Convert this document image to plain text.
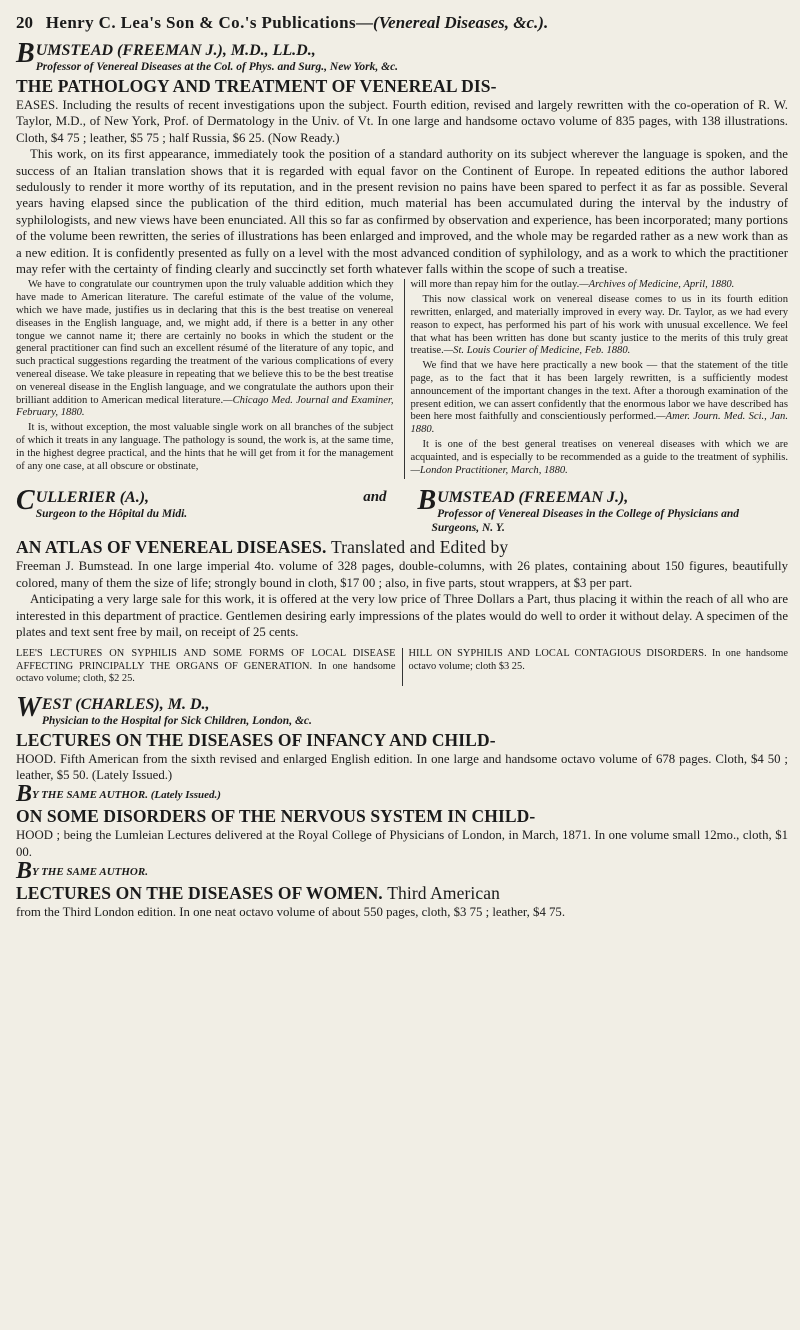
20 Henry C. Lea's Son & Co.'s Publications—(Venereal Diseases, &c.).
B UMSTEAD (FREEMAN J.), M.D., LL.D.,
Professor of Venereal Diseases at the Col. of Phys. and Surg., New York, &c.
THE PATHOLOGY AND TREATMENT OF VENEREAL DIS-
EASES. Including the results of recent investigations upon the subject. Fourth edition, revised and largely rewritten with the co-operation of R. W. Taylor, M.D., of New York, Prof. of Dermatology in the Univ. of Vt. In one large and handsome octavo volume of 835 pages, with 138 illustrations. Cloth, $4 75 ; leather, $5 75 ; half Russia, $6 25. (Now Ready.)
This work, on its first appearance, immediately took the position of a standard authority on its subject wherever the language is spoken, and the success of an Italian translation shows that it is regarded with equal favor on the Continent of Europe. In repeated editions the author labored sedulously to render it more worthy of its reputation, and in the present revision no pains have been spared to perfect it as far as possible. Several years having elapsed since the publication of the third edition, much material has been accumulated during the interval by the industry of syphilologists, and new views have been enunciated. All this so far as confirmed by observation and experience, has been incorporated; many portions of the volume been rewritten, the series of illustrations has been enlarged and improved, and the whole may be regarded rather as a new work than as a new edition. It is confidently presented as fully on a level with the most advanced condition of syphilology, and as a work to which the practitioner may refer with the certainty of finding clearly and succinctly set forth whatever falls within the scope of such a treatise.

We have to congratulate our countrymen upon the truly valuable addition which they have made to American literature. The careful estimate of the value of the volume, which we have made, justifies us in declaring that this is the best treatise on venereal diseases in the English language, and, we might add, if there is a better in any other tongue we cannot name it; there are certainly no books in which the student or the general practitioner can find such an excellent résumé of the literature of any topic, and such practical suggestions regarding the treatment of the various complications of every venereal disease. We take pleasure in repeating that we believe this to be the best treatise on venereal disease in the English language, and we congratulate the authors upon their brilliant addition to American medical literature.—Chicago Med. Journal and Examiner, February, 1880.

It is, without exception, the most valuable single work on all branches of the subject of which it treats in any language. The pathology is sound, the work is, at the same time, in the highest degree practical, and the hints that he will get from it for the management of any one case, at all obscure or obstinate,

will more than repay him for the outlay.—Archives of Medicine, April, 1880.

This now classical work on venereal disease comes to us in its fourth edition rewritten, enlarged, and materially improved in every way. Dr. Taylor, as we had every reason to expect, has performed his part of his work with unusual excellence. We feel that what has been written has done but scanty justice to the merits of this truly great treatise.—St. Louis Courier of Medicine, Feb. 1880.

We find that we have here practically a new book — that the statement of the title page, as to the fact that it has been largely rewritten, is a sufficiently modest announcement of the important changes in the text. After a thorough examination of the present edition, we can assert confidently that the enormous labor we have described has been here most faithfully and conscientiously performed.—Amer. Journ. Med. Sci., Jan. 1880.

It is one of the best general treatises on venereal diseases with which we are acquainted, and is especially to be recommended as a guide to the treatment of syphilis.—London Practitioner, March, 1880.

C ULLERIER (A.),	and
Surgeon to the Hôpital du Midi.	B UMSTEAD (FREEMAN J.),
Professor of Venereal Diseases in the College of Physicians and Surgeons, N. Y.
AN ATLAS OF VENEREAL DISEASES. Translated and Edited by
Freeman J. Bumstead. In one large imperial 4to. volume of 328 pages, double-columns, with 26 plates, containing about 150 figures, beautifully colored, many of them the size of life; strongly bound in cloth, $17 00 ; also, in five parts, stout wrappers, at $3 per part.
Anticipating a very large sale for this work, it is offered at the very low price of Three Dollars a Part, thus placing it within the reach of all who are interested in this department of practice. Gentlemen desiring early impressions of the plates would do well to order it without delay. A specimen of the plates and text sent free by mail, on receipt of 25 cents.
LEE'S LECTURES ON SYPHILIS AND SOME FORMS OF LOCAL DISEASE AFFECTING PRINCIPALLY THE ORGANS OF GENERATION. In one handsome octavo volume; cloth, $2 25.
HILL ON SYPHILIS AND LOCAL CONTAGIOUS DISORDERS. In one handsome octavo volume; cloth $3 25.
W EST (CHARLES), M. D.,
Physician to the Hospital for Sick Children, London, &c.
LECTURES ON THE DISEASES OF INFANCY AND CHILD-
HOOD. Fifth American from the sixth revised and enlarged English edition. In one large and handsome octavo volume of 678 pages. Cloth, $4 50 ; leather, $5 50. (Lately Issued.)
BY THE SAME AUTHOR. (Lately Issued.)
ON SOME DISORDERS OF THE NERVOUS SYSTEM IN CHILD-
HOOD ; being the Lumleian Lectures delivered at the Royal College of Physicians of London, in March, 1871. In one volume small 12mo., cloth, $1 00.
BY THE SAME AUTHOR.
LECTURES ON THE DISEASES OF WOMEN. Third American
from the Third London edition. In one neat octavo volume of about 550 pages, cloth, $3 75 ; leather, $4 75.
